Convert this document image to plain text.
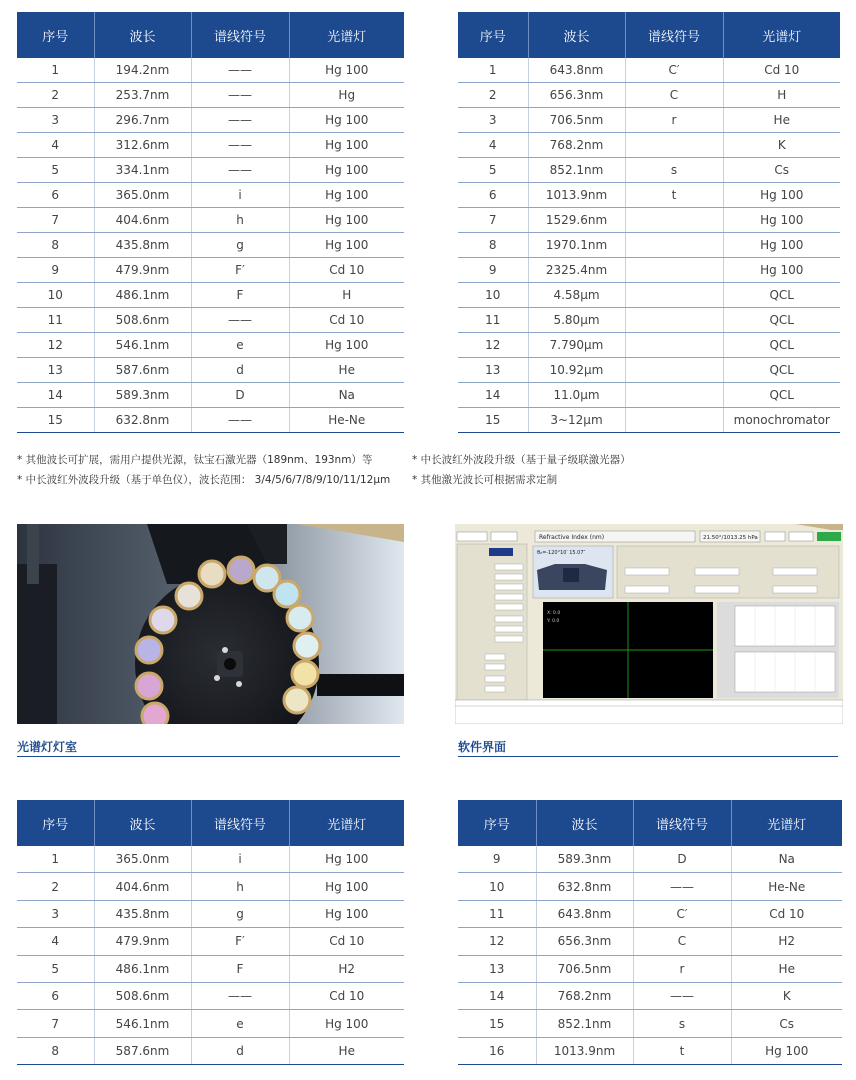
序号	波长	谱线符号	光谱灯
1	194.2nm	——	Hg 100
2	253.7nm	——	Hg
3	296.7nm	——	Hg 100
4	312.6nm	——	Hg 100
5	334.1nm	——	Hg 100
6	365.0nm	i	Hg 100
7	404.6nm	h	Hg 100
8	435.8nm	g	Hg 100
9	479.9nm	F′	Cd 10
10	486.1nm	F	H
11	508.6nm	——	Cd 10
12	546.1nm	e	Hg 100
13	587.6nm	d	He
14	589.3nm	D	Na
15	632.8nm	——	He-Ne
序号	波长	谱线符号	光谱灯
1	643.8nm	C′	Cd 10
2	656.3nm	C	H
3	706.5nm	r	He
4	768.2nm		K
5	852.1nm	s	Cs
6	1013.9nm	t	Hg 100
7	1529.6nm		Hg 100
8	1970.1nm		Hg 100
9	2325.4nm		Hg 100
10	4.58μm		QCL
11	5.80μm		QCL
12	7.790μm		QCL
13	10.92μm		QCL
14	11.0μm		QCL
15	3~12μm		monochromator
* 其他波长可扩展，需用户提供光源，钛宝石激光器（189nm、193nm）等
* 中长波红外波段升级（基于单色仪），波长范围： 3/4/5/6/7/8/9/10/11/12μm
* 中长波红外波段升级（基于量子级联激光器）
* 其他激光波长可根据需求定制
光谱灯灯室
Refractive Index (nm)	21.50°/1013.25 hPa
θ₀=-120°10′ 15.07″
X: 0.0
Y: 0.0
软件界面
序号	波长	谱线符号	光谱灯
1	365.0nm	i	Hg 100
2	404.6nm	h	Hg 100
3	435.8nm	g	Hg 100
4	479.9nm	F′	Cd 10
5	486.1nm	F	H2
6	508.6nm	——	Cd 10
7	546.1nm	e	Hg 100
8	587.6nm	d	He
序号	波长	谱线符号	光谱灯
9	589.3nm	D	Na
10	632.8nm	——	He-Ne
11	643.8nm	C′	Cd 10
12	656.3nm	C	H2
13	706.5nm	r	He
14	768.2nm	——	K
15	852.1nm	s	Cs
16	1013.9nm	t	Hg 100
